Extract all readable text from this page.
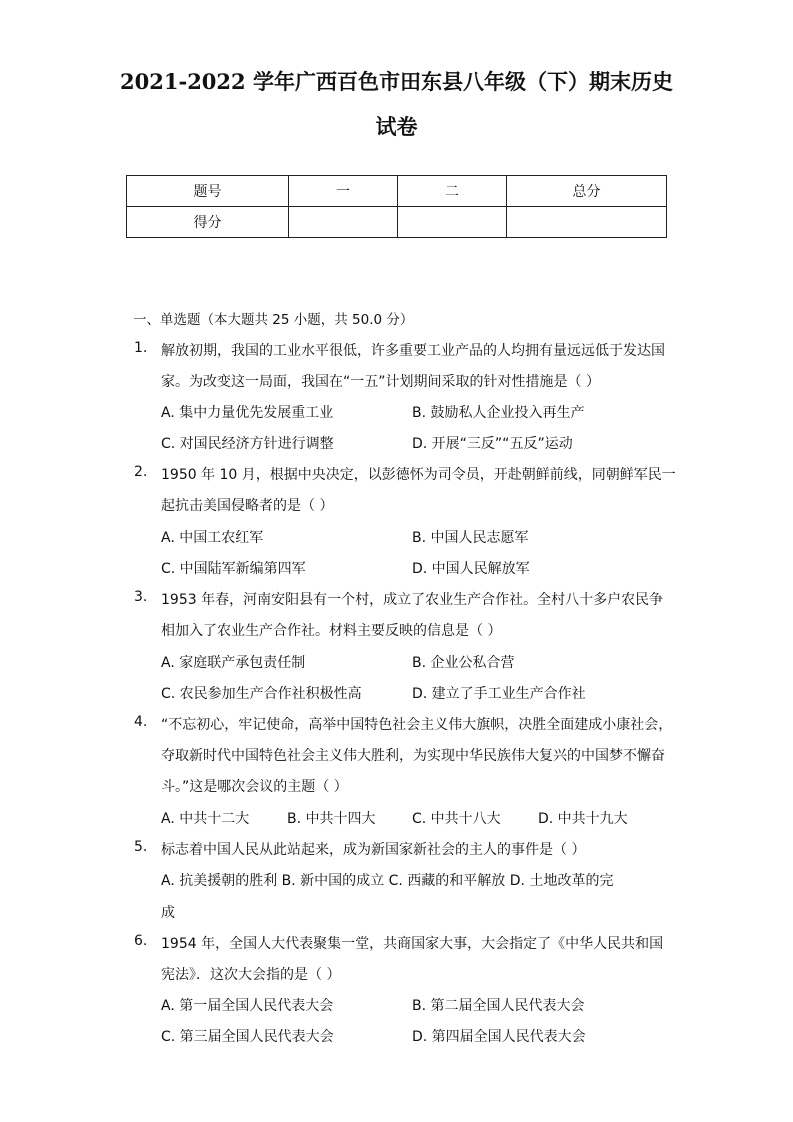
2021-2022 学年广西百色市田东县八年级（下）期末历史
试卷
题号	一	二	总分
得分			
一、单选题（本大题共 25 小题，共 50.0 分）
1. 解放初期，我国的工业水平很低，许多重要工业产品的人均拥有量远远低于发达国
家。为改变这一局面，我国在“一五”计划期间采取的针对性措施是（ ）
A. 集中力量优先发展重工业	B. 鼓励私人企业投入再生产
C. 对国民经济方针进行调整	D. 开展“三反”“五反”运动
2. 1950 年 10 月，根据中央决定，以彭德怀为司令员，开赴朝鲜前线，同朝鲜军民一
起抗击美国侵略者的是（ ）
A. 中国工农红军	B. 中国人民志愿军
C. 中国陆军新编第四军	D. 中国人民解放军
3. 1953 年春，河南安阳县有一个村，成立了农业生产合作社。全村八十多户农民争
相加入了农业生产合作社。材料主要反映的信息是（ ）
A. 家庭联产承包责任制	B. 企业公私合营
C. 农民参加生产合作社积极性高	D. 建立了手工业生产合作社
4. “不忘初心，牢记使命，高举中国特色社会主义伟大旗帜，决胜全面建成小康社会，
夺取新时代中国特色社会主义伟大胜利，为实现中华民族伟大复兴的中国梦不懈奋
斗。”这是哪次会议的主题（ ）
A. 中共十二大	B. 中共十四大	C. 中共十八大	D. 中共十九大
5. 标志着中国人民从此站起来，成为新国家新社会的主人的事件是（ ）
A. 抗美援朝的胜利 B. 新中国的成立 C. 西藏的和平解放 D. 土地改革的完
成
6. 1954 年，全国人大代表聚集一堂，共商国家大事，大会指定了《中华人民共和国
宪法》．这次大会指的是（ ）
A. 第一届全国人民代表大会	B. 第二届全国人民代表大会
C. 第三届全国人民代表大会	D. 第四届全国人民代表大会
